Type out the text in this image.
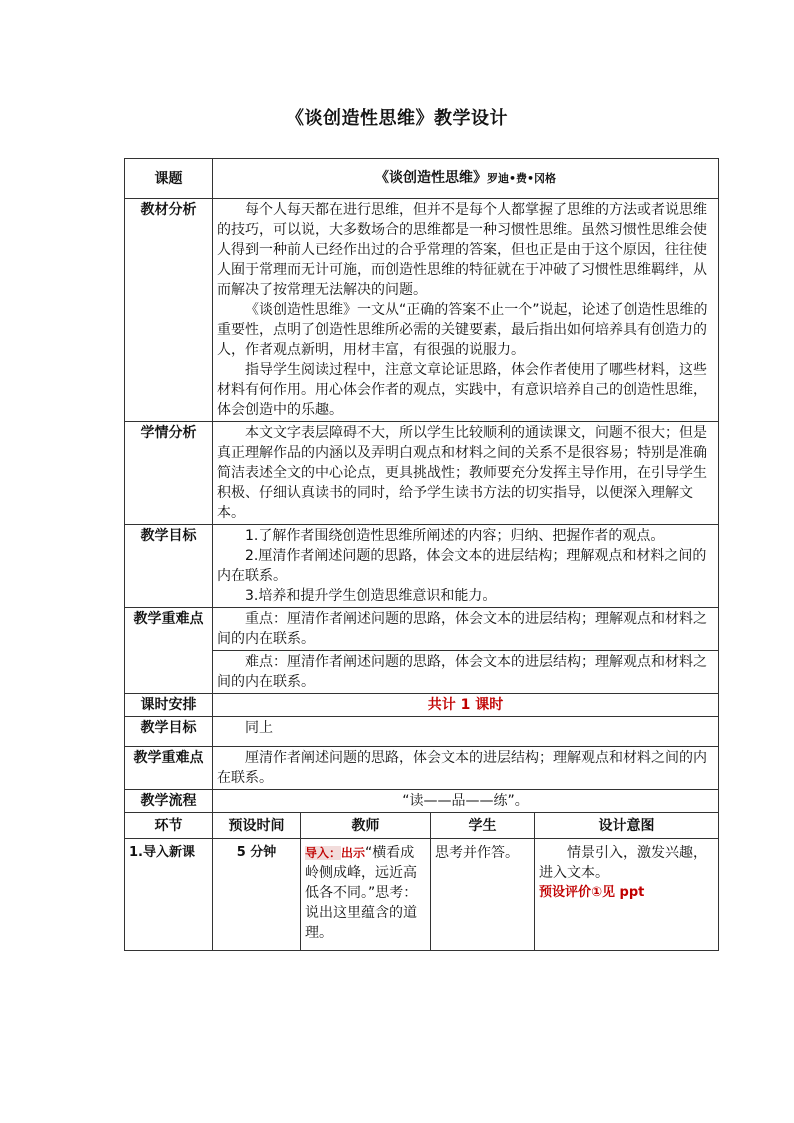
《谈创造性思维》教学设计
课题	《谈创造性思维》罗迪•费•冈格			
教材分析	每个人每天都在进行思维，但并不是每个人都掌握了思维的方法或者说思维的技巧，可以说，大多数场合的思维都是一种习惯性思维。虽然习惯性思维会使人得到一种前人已经作出过的合乎常理的答案，但也正是由于这个原因，往往使人囿于常理而无计可施，而创造性思维的特征就在于冲破了习惯性思维羁绊，从而解决了按常理无法解决的问题。

《谈创造性思维》一文从“正确的答案不止一个”说起，论述了创造性思维的重要性，点明了创造性思维所必需的关键要素，最后指出如何培养具有创造力的人，作者观点新明，用材丰富，有很强的说服力。

指导学生阅读过程中，注意文章论证思路，体会作者使用了哪些材料，这些材料有何作用。用心体会作者的观点，实践中，有意识培养自己的创造性思维，体会创造中的乐趣。			

学情分析	本文文字表层障碍不大，所以学生比较顺利的通读课文，问题不很大；但是真正理解作品的内涵以及弄明白观点和材料之间的关系不是很容易；特别是准确简洁表述全文的中心论点，更具挑战性；教师要充分发挥主导作用，在引导学生积极、仔细认真读书的同时，给予学生读书方法的切实指导，以便深入理解文本。			

教学目标	1.了解作者围绕创造性思维所阐述的内容；归纳、把握作者的观点。

2.厘清作者阐述问题的思路，体会文本的进层结构；理解观点和材料之间的内在联系。

3.培养和提升学生创造思维意识和能力。			

教学重难点	重点：厘清作者阐述问题的思路，体会文本的进层结构；理解观点和材料之间的内在联系。			

	难点：厘清作者阐述问题的思路，体会文本的进层结构；理解观点和材料之间的内在联系。			

课时安排	共计 1 课时			
教学目标	同上			

教学重难点	厘清作者阐述问题的思路，体会文本的进层结构；理解观点和材料之间的内在联系。			

教学流程	“读——品——练”。			
环节	预设时间	教师	学生	设计意图
1.导入新课	5 分钟	导入：出示“横看成岭侧成峰，远近高低各不同。”思考：说出这里蕴含的道理。	思考并作答。	情景引入，激发兴趣，进入文本。
预设评价①见 ppt
